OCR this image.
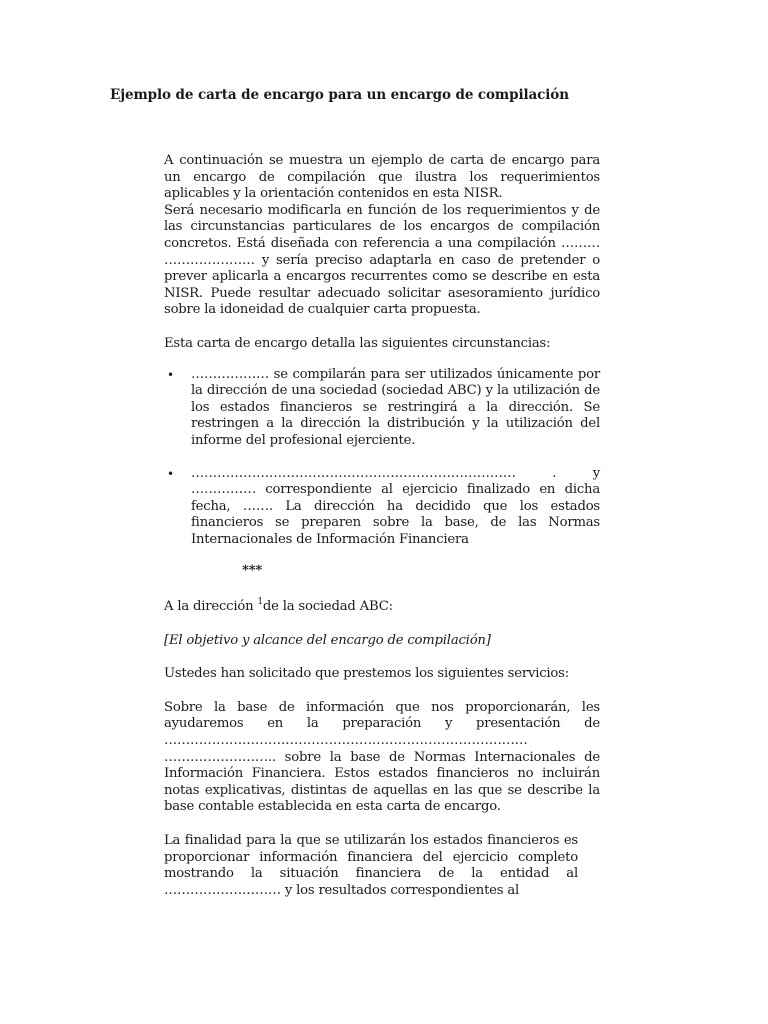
Ejemplo de carta de encargo para un encargo de compilación

A continuación se muestra un ejemplo de carta de encargo para un encargo de compilación que ilustra los requerimientos aplicables y la orientación contenidos en esta NISR.

Será necesario modificarla en función de los requerimientos y de las circunstancias particulares de los encargos de compilación concretos. Está diseñada con referencia a una compilación ……… ………………… y sería preciso adaptarla en caso de pretender o prever aplicarla a encargos recurrentes como se describe en esta NISR. Puede resultar adecuado solicitar asesoramiento jurídico sobre la idoneidad de cualquier carta propuesta.

Esta carta de encargo detalla las siguientes circunstancias:

• ……………… se compilarán para ser utilizados únicamente por la dirección de una sociedad (sociedad ABC) y la utilización de los estados financieros se restringirá a la dirección. Se restringen a la dirección la distribución y la utilización del informe del profesional ejerciente.
• ………………………………………………………………… . y …………… correspondiente al ejercicio finalizado en dicha fecha, ……. La dirección ha decidido que los estados financieros se preparen sobre la base, de las Normas Internacionales de Información Financiera

***

A la dirección $^1$de la sociedad ABC:

[El objetivo y alcance del encargo de compilación]

Ustedes han solicitado que prestemos los siguientes servicios:

Sobre la base de información que nos proporcionarán, les ayudaremos en la preparación y presentación de ………………………………………………………………………… …………………….. sobre la base de Normas Internacionales de Información Financiera. Estos estados financieros no incluirán notas explicativas, distintas de aquellas en las que se describe la base contable establecida en esta carta de encargo.

La finalidad para la que se utilizarán los estados financieros es proporcionar información financiera del ejercicio completo mostrando la situación financiera de la entidad al ……………………… y los resultados correspondientes al
